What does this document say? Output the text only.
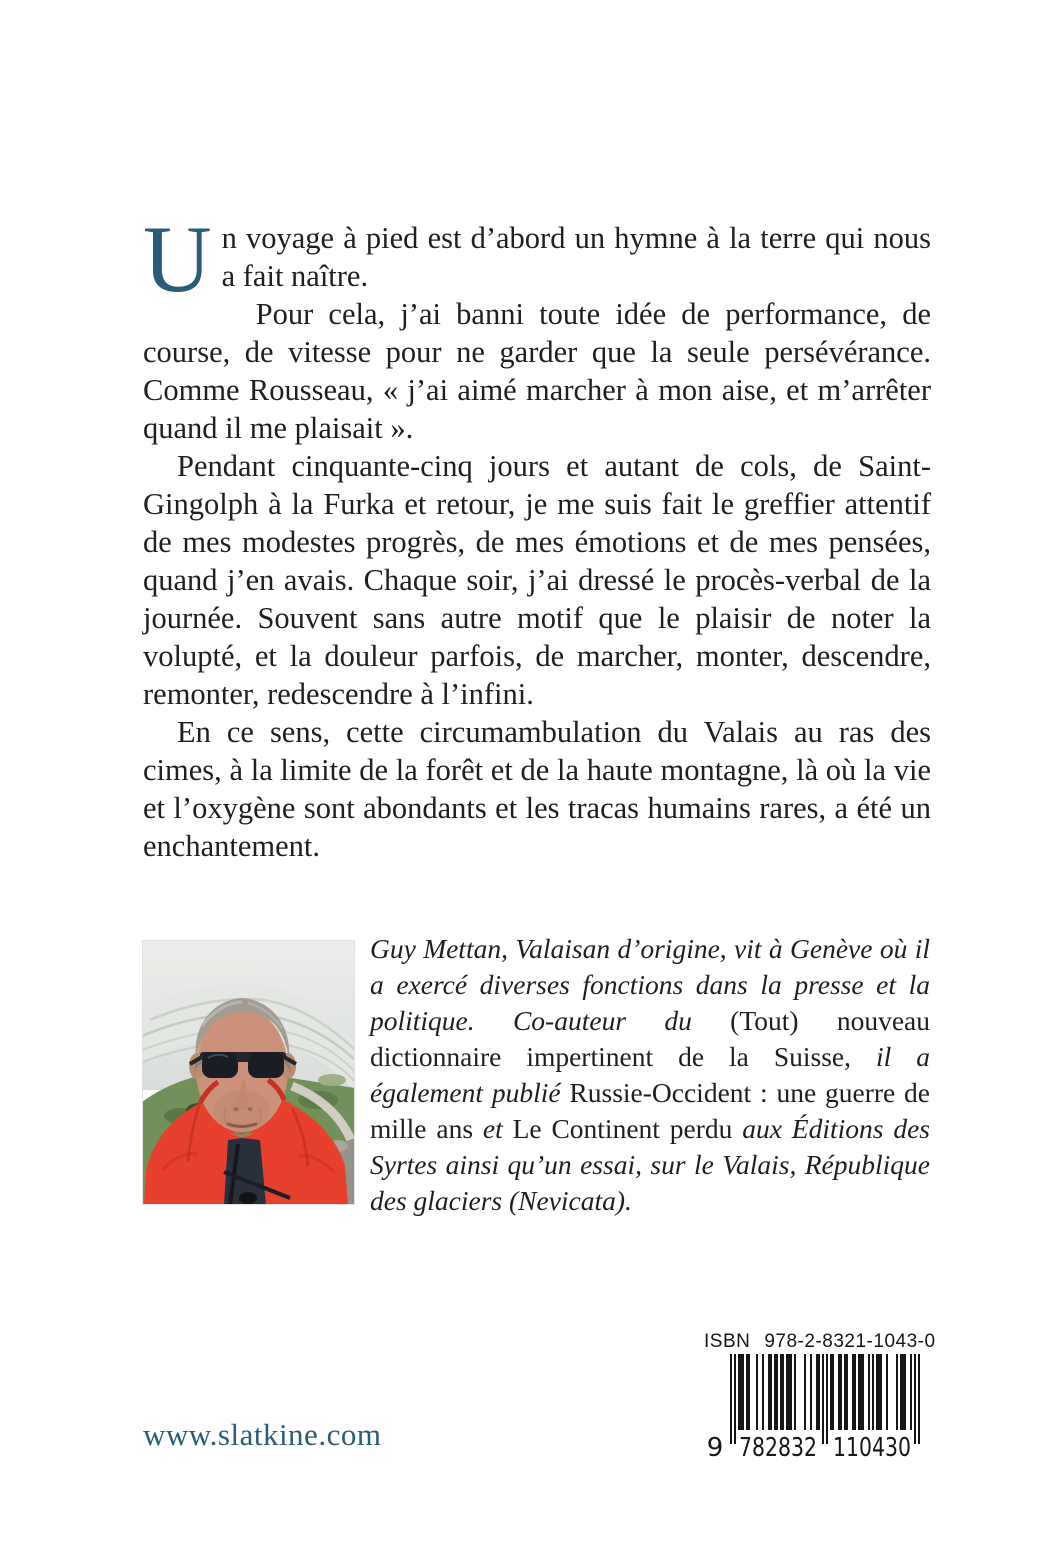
Un voyage à pied est d’abord un hymne à la terre qui nous a fait naître.

Pour cela, j’ai banni toute idée de performance, de course, de vitesse pour ne garder que la seule persévérance. Comme Rousseau, « j’ai aimé marcher à mon aise, et m’arrêter quand il me plaisait ».

Pendant cinquante-cinq jours et autant de cols, de Saint-Gingolph à la Furka et retour, je me suis fait le greffier attentif de mes modestes progrès, de mes émotions et de mes pensées, quand j’en avais. Chaque soir, j’ai dressé le procès-verbal de la journée. Souvent sans autre motif que le plaisir de noter la volupté, et la douleur parfois, de marcher, monter, descendre, remonter, redescendre à l’infini.

En ce sens, cette circumambulation du Valais au ras des cimes, à la limite de la forêt et de la haute montagne, là où la vie et l’oxygène sont abondants et les tracas humains rares, a été un enchantement.

Guy Mettan, Valaisan d’origine, vit à Genève où il a exercé diverses fonctions dans la presse et la politique. Co-auteur du (Tout) nouveau dictionnaire impertinent de la Suisse, il a également publié Russie-Occident : une guerre de mille ans et Le Continent perdu aux Éditions des Syrtes ainsi qu’un essai, sur le Valais, République des glaciers (Nevicata).

ISBN 978-2-8321-1043-0
9 782832 110430
www.slatkine.com
